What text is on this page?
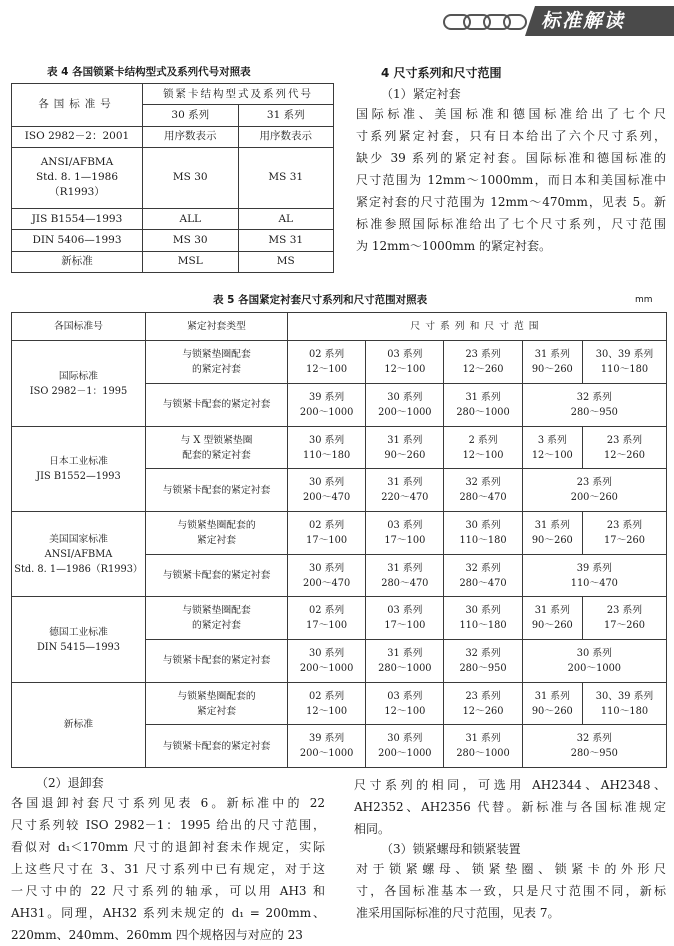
标准解读
表 4 各国锁紧卡结构型式及系列代号对照表
各国标准号	锁紧卡结构型式及系列代号	
	30 系列	31 系列

ISO 2982－2：2001	用序数表示	用序数表示

ANSI/AFBMA
Std. 8. 1—1986（R1993）	MS 30	MS 31

JIS B1554—1993	ALL	AL

DIN 5406—1993	MS 30	MS 31

新标准	MSL	MS
4 尺寸系列和尺寸范围
（1）紧定衬套
国际标准、美国标准和德国标准给出了七个尺
寸系列紧定衬套，只有日本给出了六个尺寸系列，
缺少 39 系列的紧定衬套。国际标准和德国标准的
尺寸范围为 12mm～1000mm，而日本和美国标准中
紧定衬套的尺寸范围为 12mm～470mm，见表 5。新
标准参照国际标准给出了七个尺寸系列，尺寸范围
为 12mm～1000mm 的紧定衬套。
表 5 各国紧定衬套尺寸系列和尺寸范围对照表	mm
各国标准号	紧定衬套类型	尺寸系列和尺寸范围				

国际标准
ISO 2982－1：1995	与锁紧垫圈配套
的紧定衬套	02 系列
12～100	03 系列
12～100	23 系列
12～260	31 系列
90～260	30、39 系列
110～180

	与锁紧卡配套的紧定衬套	39 系列
200～1000	30 系列
200～1000	31 系列
280～1000	32 系列
280～950	

日本工业标准
JIS B1552—1993	与 X 型锁紧垫圈
配套的紧定衬套	30 系列
110～180	31 系列
90～260	2 系列
12～100	3 系列
12～100	23 系列
12～260

	与锁紧卡配套的紧定衬套	30 系列
200～470	31 系列
220～470	32 系列
280～470	23 系列
200～260	

美国国家标准
ANSI/AFBMA
Std. 8. 1—1986（R1993）	与锁紧垫圈配套的
紧定衬套	02 系列
17～100	03 系列
17～100	30 系列
110～180	31 系列
90～260	23 系列
17～260

	与锁紧卡配套的紧定衬套	30 系列
200～470	31 系列
280～470	32 系列
280～470	39 系列
110～470	

德国工业标准
DIN 5415—1993	与锁紧垫圈配套
的紧定衬套	02 系列
17～100	03 系列
17～100	30 系列
110～180	31 系列
90～260	23 系列
17～260

	与锁紧卡配套的紧定衬套	30 系列
200～1000	31 系列
280～1000	32 系列
280～950	30 系列
200～1000	

新标准	与锁紧垫圈配套的
紧定衬套	02 系列
12～100	03 系列
12～100	23 系列
12～260	31 系列
90～260	30、39 系列
110～180

	与锁紧卡配套的紧定衬套	39 系列
200～1000	30 系列
200～1000	31 系列
280～1000	32 系列
280～950	
（2）退卸套
各国退卸衬套尺寸系列见表 6。新标准中的 22
尺寸系列较 ISO 2982－1：1995 给出的尺寸范围，
看似对 d₁＜170mm 尺寸的退卸衬套未作规定，实际
上这些尺寸在 3、31 尺寸系列中已有规定，对于这
一尺寸中的 22 尺寸系列的轴承，可以用 AH3 和
AH31。同理，AH32 系列未规定的 d₁ = 200mm、
220mm、240mm、260mm 四个规格因与对应的 23
尺寸系列的相同，可选用 AH2344、AH2348、
AH2352、AH2356 代替。新标准与各国标准规定
相同。
（3）锁紧螺母和锁紧装置
对于锁紧螺母、锁紧垫圈、锁紧卡的外形尺
寸，各国标准基本一致，只是尺寸范围不同，新标
准采用国际标准的尺寸范围，见表 7。
